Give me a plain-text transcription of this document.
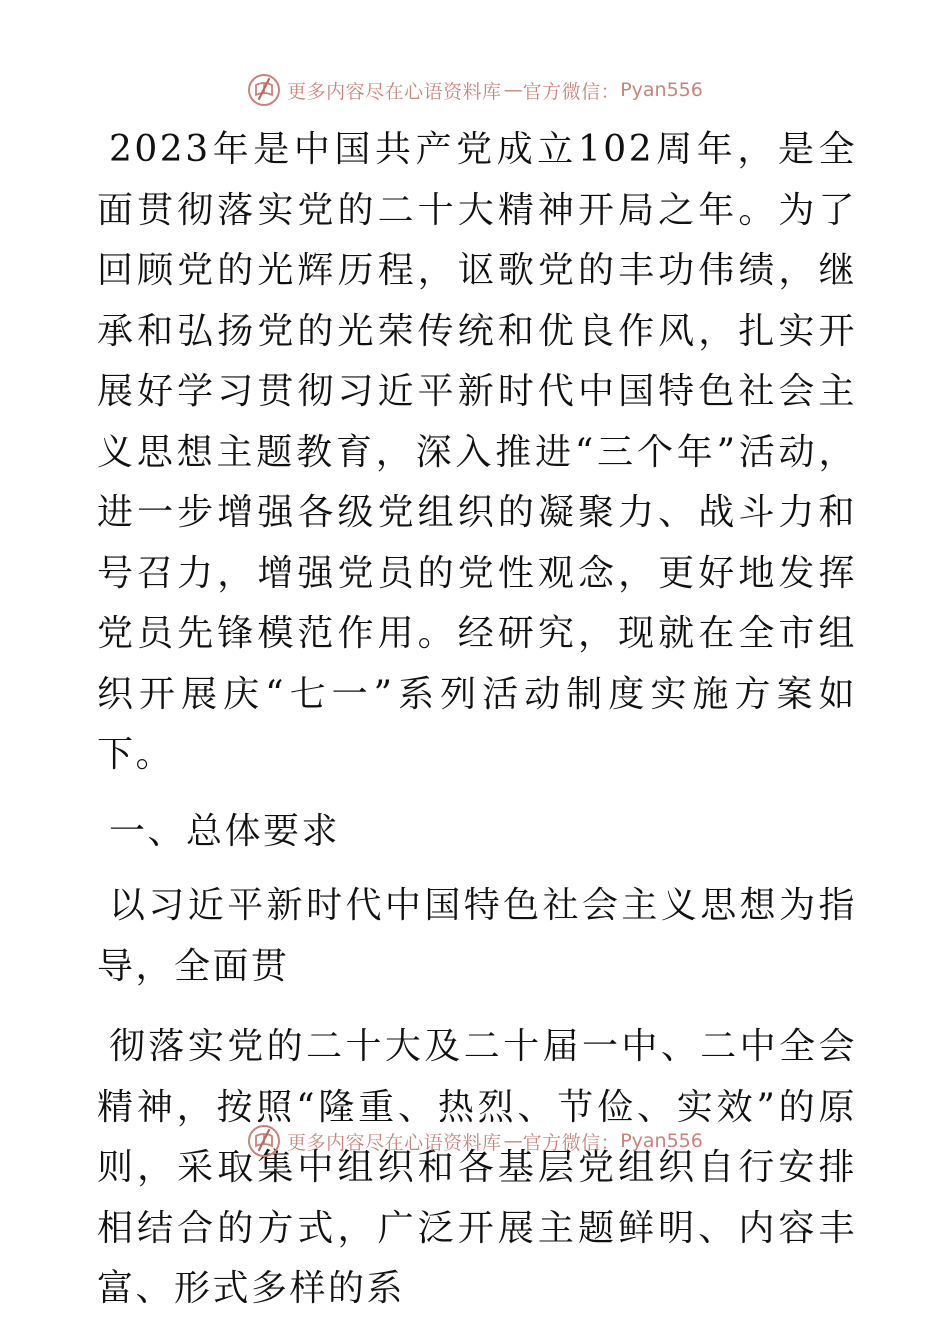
更多内容尽在心语资料库 — 官方微信： Pyan556

2023年是中国共产党成立102周年，是全面贯彻落实党的二十大精神开局之年。为了回顾党的光辉历程，讴歌党的丰功伟绩，继承和弘扬党的光荣传统和优良作风，扎实开展好学习贯彻习近平新时代中国特色社会主义思想主题教育，深入推进“三个年”活动，进一步增强各级党组织的凝聚力、战斗力和号召力，增强党员的党性观念，更好地发挥党员先锋模范作用。经研究，现就在全市组织开展庆“七一”系列活动制度实施方案如下。

一、总体要求

以习近平新时代中国特色社会主义思想为指导，全面贯

彻落实党的二十大及二十届一中、二中全会精神，按照“隆重、热烈、节俭、实效”的原则，采取集中组织和各基层党组织自行安排相结合的方式，广泛开展主题鲜明、内容丰富、形式多样的系

更多内容尽在心语资料库 — 官方微信： Pyan556
